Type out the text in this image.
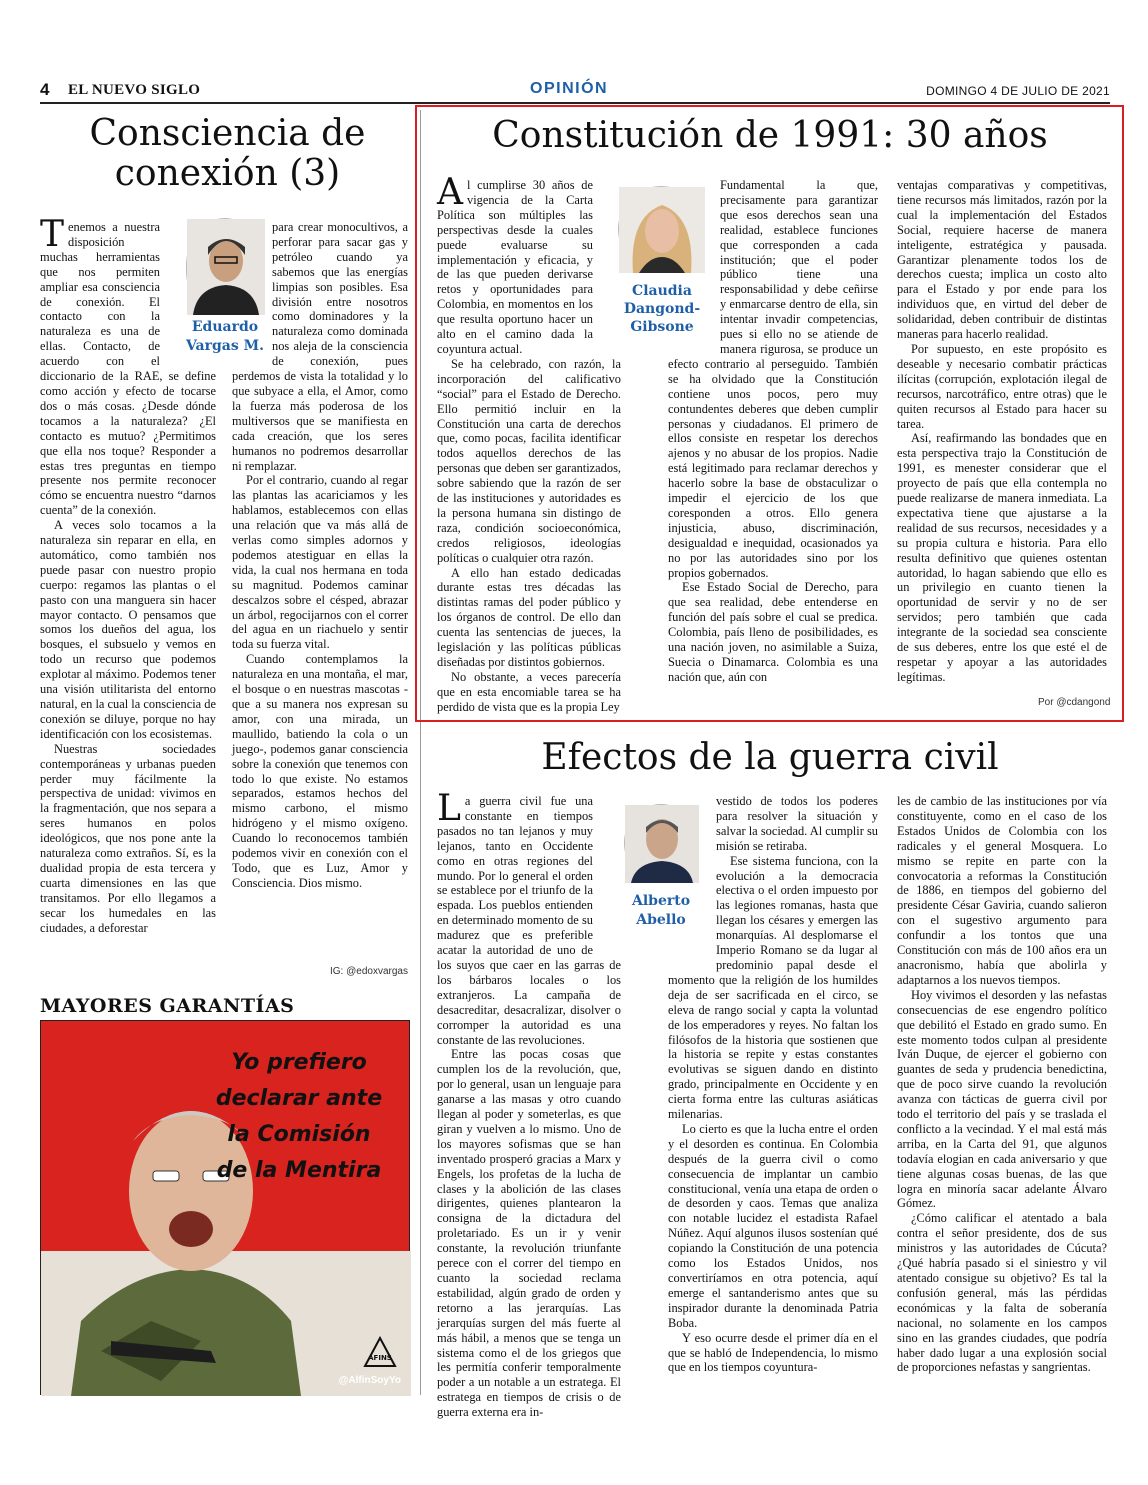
4 EL NUEVO SIGLO	OPINIÓN	DOMINGO 4 DE JULIO DE 2021
Consciencia de conexión (3)
Eduardo Vargas M.

Tenemos a nuestra disposición muchas herramientas que nos permiten ampliar esa consciencia de conexión. El contacto con la naturaleza es una de ellas. Contacto, de acuerdo con el diccionario de la RAE, se define como acción y efecto de tocarse dos o más cosas. ¿Desde dónde tocamos a la naturaleza? ¿El contacto es mutuo? ¿Permitimos que ella nos toque? Responder a estas tres preguntas en tiempo presente nos permite reconocer cómo se encuentra nuestro “darnos cuenta” de la conexión.

A veces solo tocamos a la naturaleza sin reparar en ella, en automático, como también nos puede pasar con nuestro propio cuerpo: regamos las plantas o el pasto con una manguera sin hacer mayor contacto. O pensamos que somos los dueños del agua, los bosques, el subsuelo y vemos en todo un recurso que podemos explotar al máximo. Podemos tener una visión utilitarista del entorno natural, en la cual la consciencia de conexión se diluye, porque no hay identificación con los ecosistemas.

Nuestras sociedades contemporáneas y urbanas pueden perder muy fácilmente la perspectiva de unidad: vivimos en la fragmentación, que nos separa a seres humanos en polos ideológicos, que nos pone ante la naturaleza como extraños. Sí, es la dualidad propia de esta tercera y cuarta dimensiones en las que transitamos. Por ello llegamos a secar los humedales en las ciudades, a deforestar

para crear monocultivos, a perforar para sacar gas y petróleo cuando ya sabemos que las energías limpias son posibles. Esa división entre nosotros como dominadores y la naturaleza como dominada nos aleja de la consciencia de conexión, pues perdemos de vista la totalidad y lo que subyace a ella, el Amor, como la fuerza más poderosa de los multiversos que se manifiesta en cada creación, que los seres humanos no podremos desarrollar ni remplazar.

Por el contrario, cuando al regar las plantas las acariciamos y les hablamos, establecemos con ellas una relación que va más allá de verlas como simples adornos y podemos atestiguar en ellas la vida, la cual nos hermana en toda su magnitud. Podemos caminar descalzos sobre el césped, abrazar un árbol, regocijarnos con el correr del agua en un riachuelo y sentir toda su fuerza vital.

Cuando contemplamos la naturaleza en una montaña, el mar, el bosque o en nuestras mascotas -que a su manera nos expresan su amor, con una mirada, un maullido, batiendo la cola o un juego-, podemos ganar consciencia sobre la conexión que tenemos con todo lo que existe. No estamos separados, estamos hechos del mismo carbono, el mismo hidrógeno y el mismo oxígeno. Cuando lo reconocemos también podemos vivir en conexión con el Todo, que es Luz, Amor y Consciencia. Dios mismo.

IG: @edoxvargas
MAYORES GARANTÍAS
Yo prefiero
declarar ante
la Comisión
de la Mentira
AFINS
@AlfinSoyYo
Constitución de 1991: 30 años
Claudia Dangond-Gibsone

Al cumplirse 30 años de vigencia de la Carta Política son múltiples las perspectivas desde la cuales puede evaluarse su implementación y eficacia, y de las que pueden derivarse retos y oportunidades para Colombia, en momentos en los que resulta oportuno hacer un alto en el camino dada la coyuntura actual.

Se ha celebrado, con razón, la incorporación del calificativo “social” para el Estado de Derecho. Ello permitió incluir en la Constitución una carta de derechos que, como pocas, facilita identificar todos aquellos derechos de las personas que deben ser garantizados, sobre sabiendo que la razón de ser de las instituciones y autoridades es la persona humana sin distingo de raza, condición socioeconómica, credos religiosos, ideologías políticas o cualquier otra razón.

A ello han estado dedicadas durante estas tres décadas las distintas ramas del poder público y los órganos de control. De ello dan cuenta las sentencias de jueces, la legislación y las políticas públicas diseñadas por distintos gobiernos.

No obstante, a veces parecería que en esta encomiable tarea se ha perdido de vista que es la propia Ley

Fundamental la que, precisamente para garantizar que esos derechos sean una realidad, establece funciones que corresponden a cada institución; que el poder público tiene una responsabilidad y debe ceñirse y enmarcarse dentro de ella, sin intentar invadir competencias, pues si ello no se atiende de manera rigurosa, se produce un efecto contrario al perseguido. También se ha olvidado que la Constitución contiene unos pocos, pero muy contundentes deberes que deben cumplir personas y ciudadanos. El primero de ellos consiste en respetar los derechos ajenos y no abusar de los propios. Nadie está legitimado para reclamar derechos y hacerlo sobre la base de obstaculizar o impedir el ejercicio de los que coresponden a otros. Ello genera injusticia, abuso, discriminación, desigualdad e inequidad, ocasionados ya no por las autoridades sino por los propios gobernados.

Ese Estado Social de Derecho, para que sea realidad, debe entenderse en función del país sobre el cual se predica. Colombia, país lleno de posibilidades, es una nación joven, no asimilable a Suiza, Suecia o Dinamarca. Colombia es una nación que, aún con

ventajas comparativas y competitivas, tiene recursos más limitados, razón por la cual la implementación del Estados Social, requiere hacerse de manera inteligente, estratégica y pausada. Garantizar plenamente todos los de derechos cuesta; implica un costo alto para el Estado y por ende para los individuos que, en virtud del deber de solidaridad, deben contribuir de distintas maneras para hacerlo realidad.

Por supuesto, en este propósito es deseable y necesario combatir prácticas ilícitas (corrupción, explotación ilegal de recursos, narcotráfico, entre otras) que le quiten recursos al Estado para hacer su tarea.

Así, reafirmando las bondades que en esta perspectiva trajo la Constitución de 1991, es menester considerar que el proyecto de país que ella contempla no puede realizarse de manera inmediata. La expectativa tiene que ajustarse a la realidad de sus recursos, necesidades y a su propia cultura e historia. Para ello resulta definitivo que quienes ostentan autoridad, lo hagan sabiendo que ello es un privilegio en cuanto tienen la oportunidad de servir y no de ser servidos; pero también que cada integrante de la sociedad sea consciente de sus deberes, entre los que esté el de respetar y apoyar a las autoridades legítimas.

Por @cdangond
Efectos de la guerra civil
Alberto Abello

La guerra civil fue una constante en tiempos pasados no tan lejanos y muy lejanos, tanto en Occidente como en otras regiones del mundo. Por lo general el orden se establece por el triunfo de la espada. Los pueblos entienden en determinado momento de su madurez que es preferible acatar la autoridad de uno de los suyos que caer en las garras de los bárbaros locales o los extranjeros. La campaña de desacreditar, desacralizar, disolver o corromper la autoridad es una constante de las revoluciones.

Entre las pocas cosas que cumplen los de la revolución, que, por lo general, usan un lenguaje para ganarse a las masas y otro cuando llegan al poder y someterlas, es que giran y vuelven a lo mismo. Uno de los mayores sofismas que se han inventado prosperó gracias a Marx y Engels, los profetas de la lucha de clases y la abolición de las clases dirigentes, quienes plantearon la consigna de la dictadura del proletariado. Es un ir y venir constante, la revolución triunfante perece con el correr del tiempo en cuanto la sociedad reclama estabilidad, algún grado de orden y retorno a las jerarquías. Las jerarquías surgen del más fuerte al más hábil, a menos que se tenga un sistema como el de los griegos que les permitía conferir temporalmente poder a un notable a un estratega. El estratega en tiempos de crisis o de guerra externa era in-

vestido de todos los poderes para resolver la situación y salvar la sociedad. Al cumplir su misión se retiraba.

Ese sistema funciona, con la evolución a la democracia electiva o el orden impuesto por las legiones romanas, hasta que llegan los césares y emergen las monarquías. Al desplomarse el Imperio Romano se da lugar al predominio papal desde el momento que la religión de los humildes deja de ser sacrificada en el circo, se eleva de rango social y capta la voluntad de los emperadores y reyes. No faltan los filósofos de la historia que sostienen que la historia se repite y estas constantes evolutivas se siguen dando en distinto grado, principalmente en Occidente y en cierta forma entre las culturas asiáticas milenarias.

Lo cierto es que la lucha entre el orden y el desorden es continua. En Colombia después de la guerra civil o como consecuencia de implantar un cambio constitucional, venía una etapa de orden o de desorden y caos. Temas que analiza con notable lucidez el estadista Rafael Núñez. Aquí algunos ilusos sostenían qué copiando la Constitución de una potencia como los Estados Unidos, nos convertiríamos en otra potencia, aquí emerge el santanderismo antes que su inspirador durante la denominada Patria Boba.

Y eso ocurre desde el primer día en el que se habló de Independencia, lo mismo que en los tiempos coyuntura-

les de cambio de las instituciones por vía constituyente, como en el caso de los Estados Unidos de Colombia con los radicales y el general Mosquera. Lo mismo se repite en parte con la convocatoria a reformas la Constitución de 1886, en tiempos del gobierno del presidente César Gaviria, cuando salieron con el sugestivo argumento para confundir a los tontos que una Constitución con más de 100 años era un anacronismo, había que abolirla y adaptarnos a los nuevos tiempos.

Hoy vivimos el desorden y las nefastas consecuencias de ese engendro político que debilitó el Estado en grado sumo. En este momento todos culpan al presidente Iván Duque, de ejercer el gobierno con guantes de seda y prudencia benedictina, que de poco sirve cuando la revolución avanza con tácticas de guerra civil por todo el territorio del país y se traslada el conflicto a la vecindad. Y el mal está más arriba, en la Carta del 91, que algunos todavía elogian en cada aniversario y que tiene algunas cosas buenas, de las que logra en minoría sacar adelante Álvaro Gómez.

¿Cómo calificar el atentado a bala contra el señor presidente, dos de sus ministros y las autoridades de Cúcuta? ¿Qué habría pasado si el siniestro y vil atentado consigue su objetivo? Es tal la confusión general, más las pérdidas económicas y la falta de soberanía nacional, no solamente en los campos sino en las grandes ciudades, que podría haber dado lugar a una explosión social de proporciones nefastas y sangrientas.
